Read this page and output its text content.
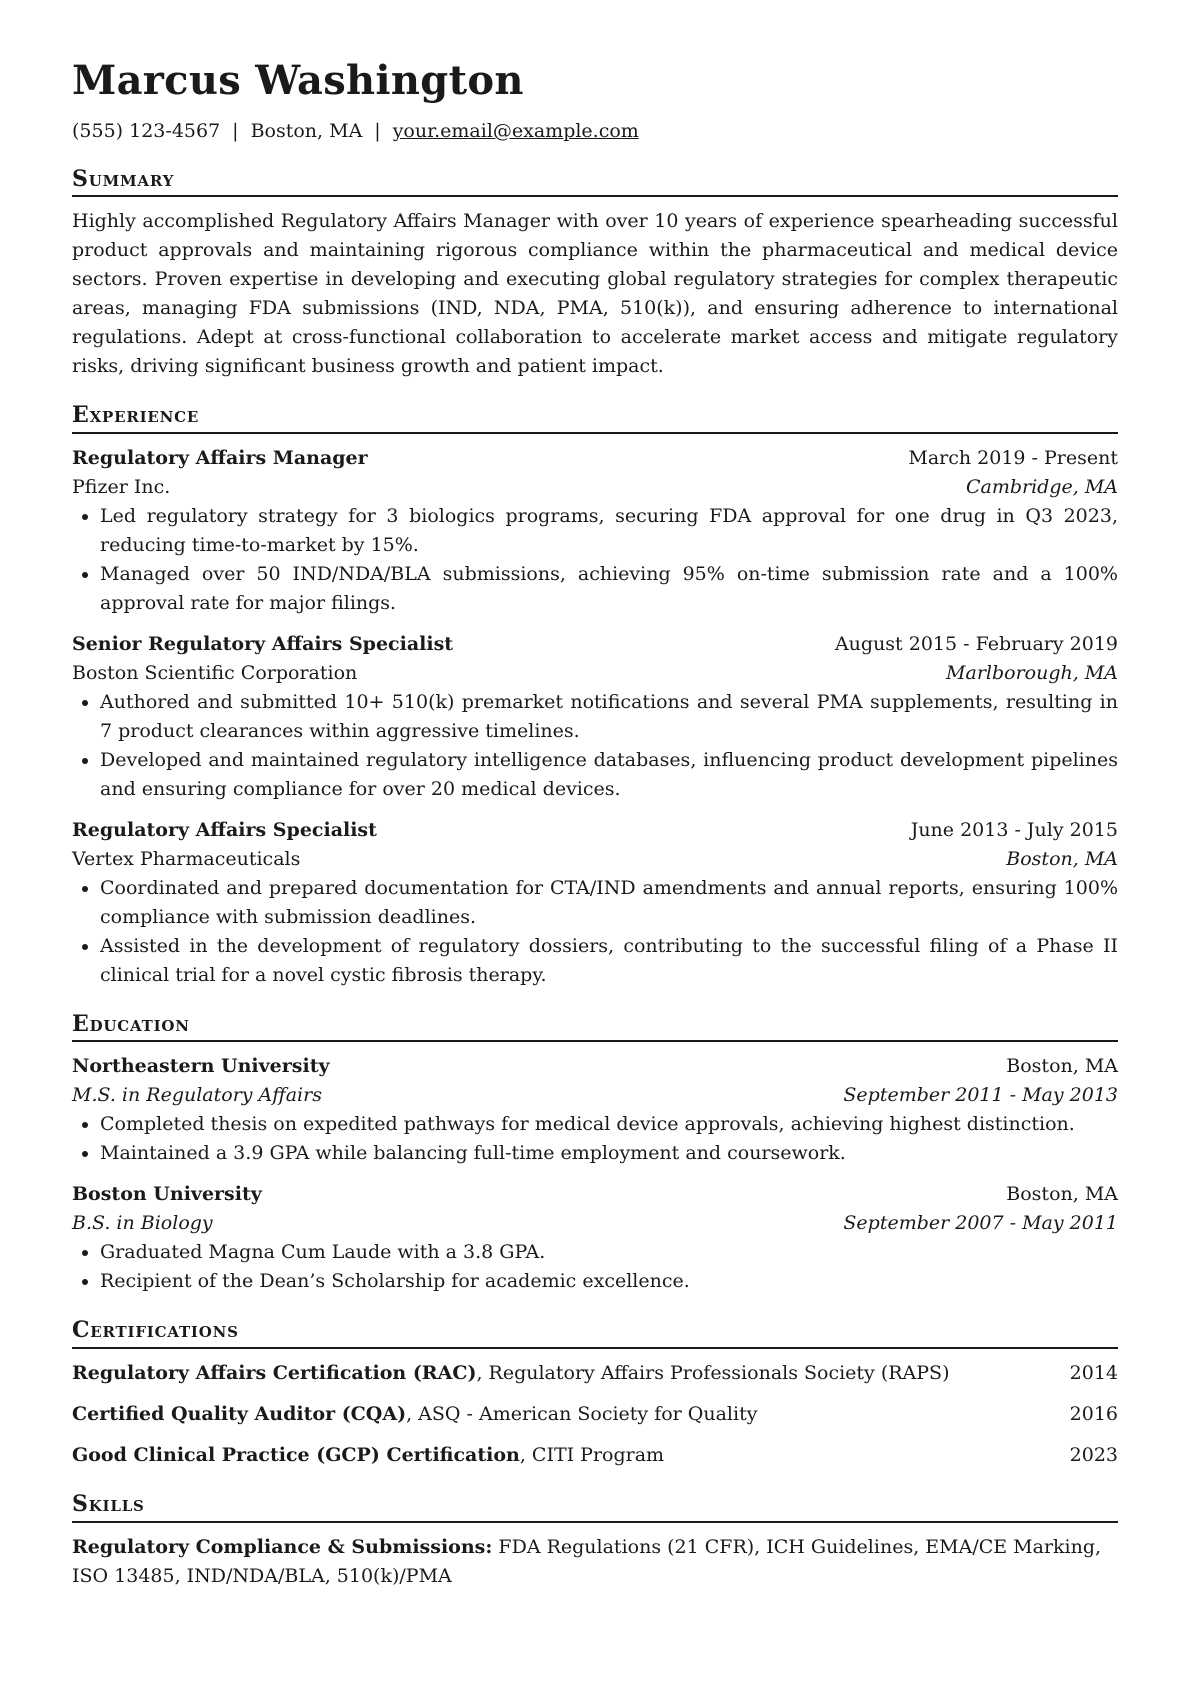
Marcus Washington
(555) 123-4567 | Boston, MA | your.email@example.com
Summary
Highly accomplished Regulatory Affairs Manager with over 10 years of experience spearheading successful product approvals and maintaining rigorous compliance within the pharmaceutical and medical device sectors. Proven expertise in developing and executing global regulatory strategies for complex therapeutic areas, managing FDA submissions (IND, NDA, PMA, 510(k)), and ensuring adherence to international regulations. Adept at cross-functional collaboration to accelerate market access and mitigate regulatory risks, driving significant business growth and patient impact.
Experience
Regulatory Affairs Manager	March 2019 - Present
Pfizer Inc.	Cambridge, MA
• Led regulatory strategy for 3 biologics programs, securing FDA approval for one drug in Q3 2023, reducing time-to-market by 15%.
• Managed over 50 IND/NDA/BLA submissions, achieving 95% on-time submission rate and a 100% approval rate for major filings.
Senior Regulatory Affairs Specialist	August 2015 - February 2019
Boston Scientific Corporation	Marlborough, MA
• Authored and submitted 10+ 510(k) premarket notifications and several PMA supplements, resulting in 7 product clearances within aggressive timelines.
• Developed and maintained regulatory intelligence databases, influencing product development pipelines and ensuring compliance for over 20 medical devices.
Regulatory Affairs Specialist	June 2013 - July 2015
Vertex Pharmaceuticals	Boston, MA
• Coordinated and prepared documentation for CTA/IND amendments and annual reports, ensuring 100% compliance with submission deadlines.
• Assisted in the development of regulatory dossiers, contributing to the successful filing of a Phase II clinical trial for a novel cystic fibrosis therapy.
Education
Northeastern University	Boston, MA
M.S. in Regulatory Affairs	September 2011 - May 2013
• Completed thesis on expedited pathways for medical device approvals, achieving highest distinction.
• Maintained a 3.9 GPA while balancing full-time employment and coursework.
Boston University	Boston, MA
B.S. in Biology	September 2007 - May 2011
• Graduated Magna Cum Laude with a 3.8 GPA.
• Recipient of the Dean’s Scholarship for academic excellence.
Certifications
Regulatory Affairs Certification (RAC), Regulatory Affairs Professionals Society (RAPS)	2014
Certified Quality Auditor (CQA), ASQ - American Society for Quality	2016
Good Clinical Practice (GCP) Certification, CITI Program	2023
Skills
Regulatory Compliance & Submissions: FDA Regulations (21 CFR), ICH Guidelines, EMA/CE Marking, ISO 13485, IND/NDA/BLA, 510(k)/PMA
